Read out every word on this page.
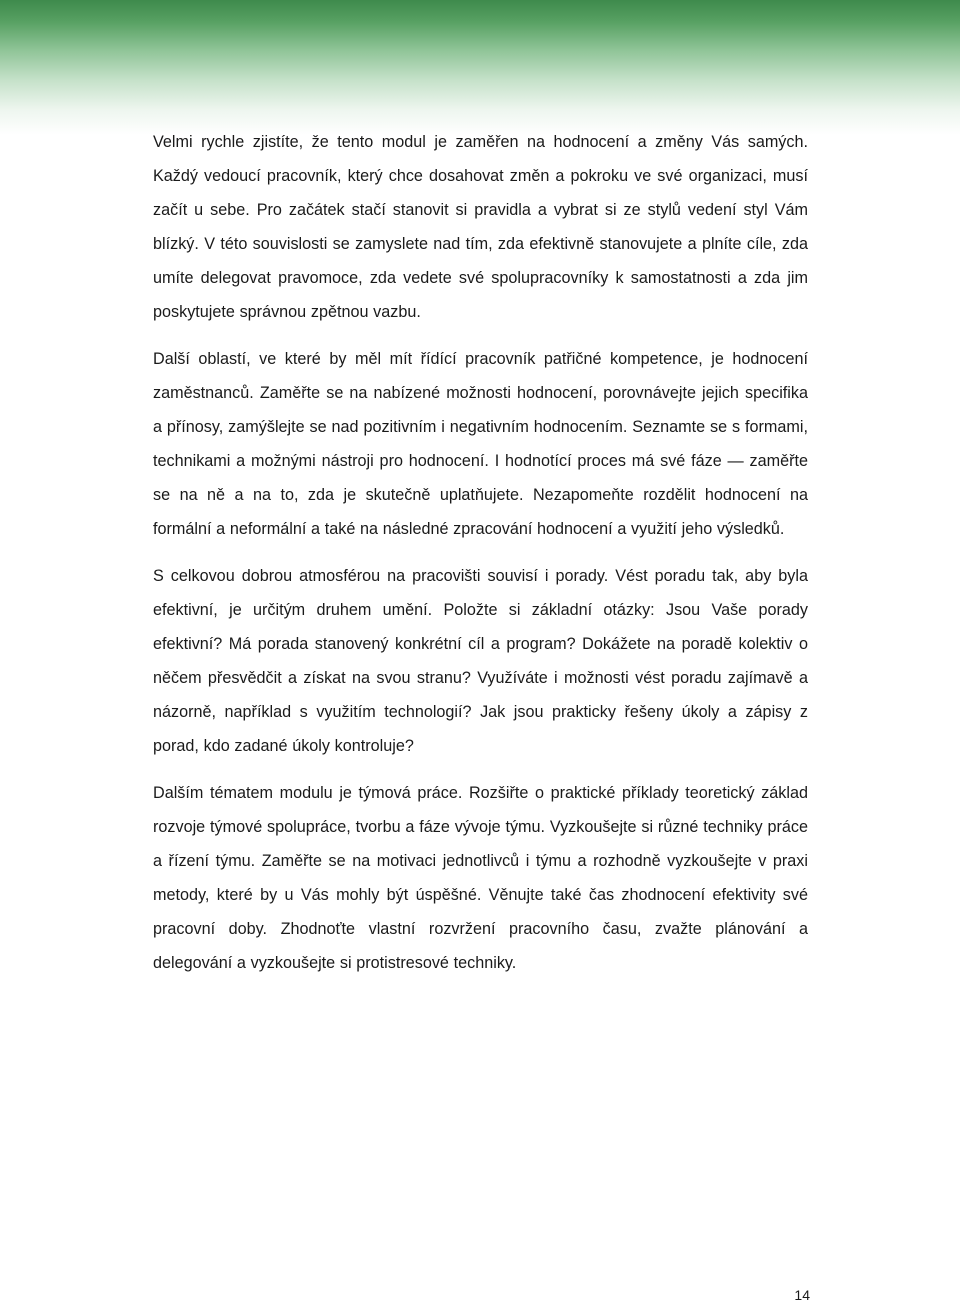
Velmi rychle zjistíte, že tento modul je zaměřen na hodnocení a změny Vás samých. Každý vedoucí pracovník, který chce dosahovat změn a pokroku ve své organizaci, musí začít u sebe. Pro začátek stačí stanovit si pravidla a vybrat si ze stylů vedení styl Vám blízký. V této souvislosti se zamyslete nad tím, zda efektivně stanovujete a plníte cíle, zda umíte delegovat pravomoce, zda vedete své spolupracovníky k samostatnosti a zda jim poskytujete správnou zpětnou vazbu.

Další oblastí, ve které by měl mít řídící pracovník patřičné kompetence, je hodnocení zaměstnanců. Zaměřte se na nabízené možnosti hodnocení, porovnávejte jejich specifika a přínosy, zamýšlejte se nad pozitivním i negativním hodnocením. Seznamte se s formami, technikami a možnými nástroji pro hodnocení. I hodnotící proces má své fáze — zaměřte se na ně a na to, zda je skutečně uplatňujete. Nezapomeňte rozdělit hodnocení na formální a neformální a také na následné zpracování hodnocení a využití jeho výsledků.

S celkovou dobrou atmosférou na pracovišti souvisí i porady. Vést poradu tak, aby byla efektivní, je určitým druhem umění. Položte si základní otázky: Jsou Vaše porady efektivní? Má porada stanovený konkrétní cíl a program? Dokážete na poradě kolektiv o něčem přesvědčit a získat na svou stranu? Využíváte i možnosti vést poradu zajímavě a názorně, například s využitím technologií? Jak jsou prakticky řešeny úkoly a zápisy z porad, kdo zadané úkoly kontroluje?

Dalším tématem modulu je týmová práce. Rozšiřte o praktické příklady teoretický základ rozvoje týmové spolupráce, tvorbu a fáze vývoje týmu. Vyzkoušejte si různé techniky práce a řízení týmu. Zaměřte se na motivaci jednotlivců i týmu a rozhodně vyzkoušejte v praxi metody, které by u Vás mohly být úspěšné. Věnujte také čas zhodnocení efektivity své pracovní doby. Zhodnoťte vlastní rozvržení pracovního času, zvažte plánování a delegování a vyzkoušejte si protistresové techniky.

14
